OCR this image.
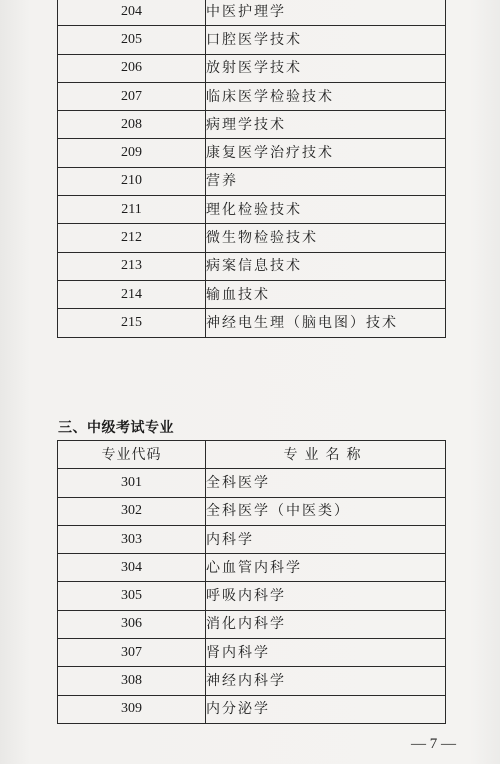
204	中医护理学
205	口腔医学技术
206	放射医学技术
207	临床医学检验技术
208	病理学技术
209	康复医学治疗技术
210	营养
211	理化检验技术
212	微生物检验技术
213	病案信息技术
214	输血技术
215	神经电生理（脑电图）技术
三、中级考试专业
专业代码	专业名称
301	全科医学
302	全科医学（中医类）
303	内科学
304	心血管内科学
305	呼吸内科学
306	消化内科学
307	肾内科学
308	神经内科学
309	内分泌学
— 7 —
